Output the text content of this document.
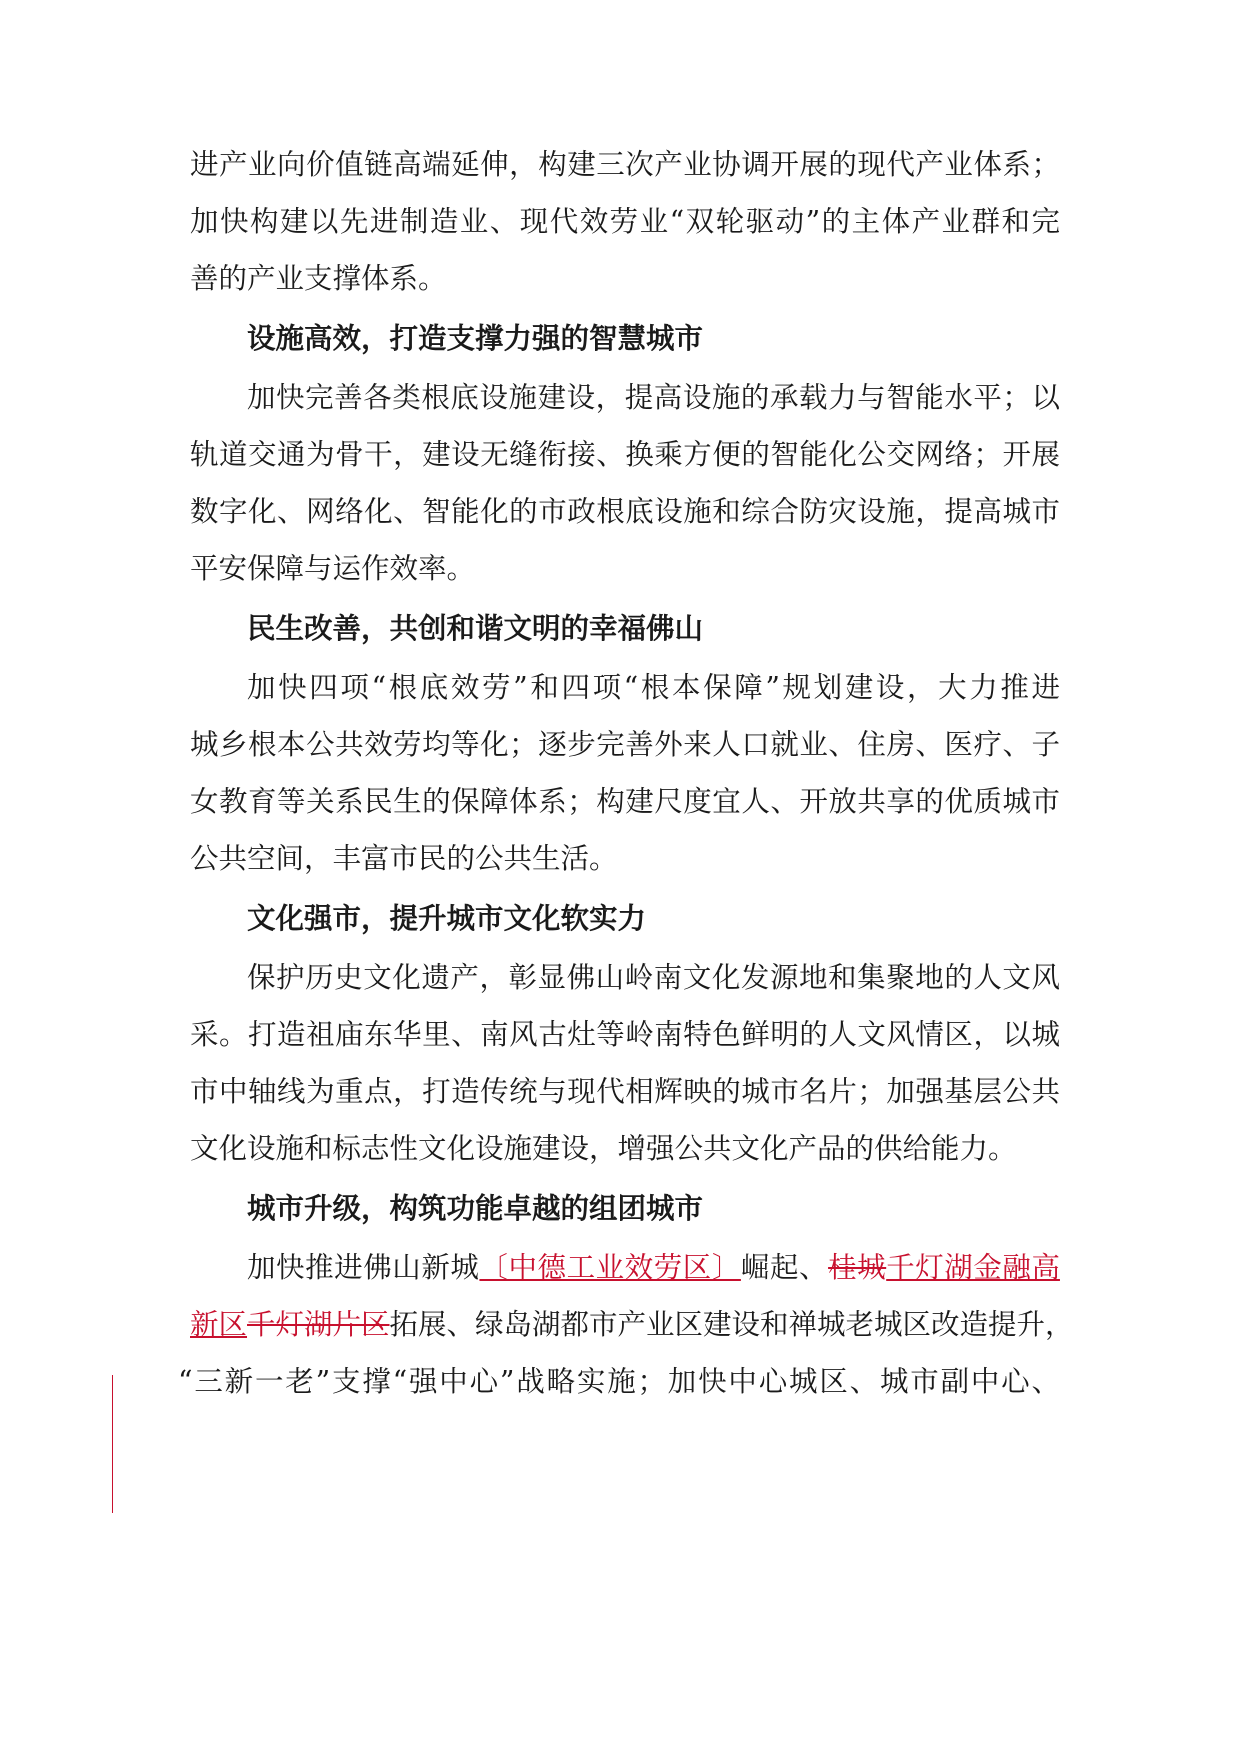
进产业向价值链高端延伸，构建三次产业协调开展的现代产业体系；
加快构建以先进制造业、现代效劳业“双轮驱动”的主体产业群和完
善的产业支撑体系。
设施高效，打造支撑力强的智慧城市
加快完善各类根底设施建设，提高设施的承载力与智能水平；以
轨道交通为骨干，建设无缝衔接、换乘方便的智能化公交网络；开展
数字化、网络化、智能化的市政根底设施和综合防灾设施，提高城市
平安保障与运作效率。
民生改善，共创和谐文明的幸福佛山
加快四项“根底效劳”和四项“根本保障”规划建设，大力推进
城乡根本公共效劳均等化；逐步完善外来人口就业、住房、医疗、子
女教育等关系民生的保障体系；构建尺度宜人、开放共享的优质城市
公共空间，丰富市民的公共生活。
文化强市，提升城市文化软实力
保护历史文化遗产，彰显佛山岭南文化发源地和集聚地的人文风
采。打造祖庙东华里、南风古灶等岭南特色鲜明的人文风情区，以城
市中轴线为重点，打造传统与现代相辉映的城市名片；加强基层公共
文化设施和标志性文化设施建设，增强公共文化产品的供给能力。
城市升级，构筑功能卓越的组团城市
加快推进佛山新城〔中德工业效劳区〕崛起、桂城千灯湖金融高
新区千灯湖片区拓展、绿岛湖都市产业区建设和禅城老城区改造提升，
“三新一老”支撑“强中心”战略实施；加快中心城区、城市副中心、
